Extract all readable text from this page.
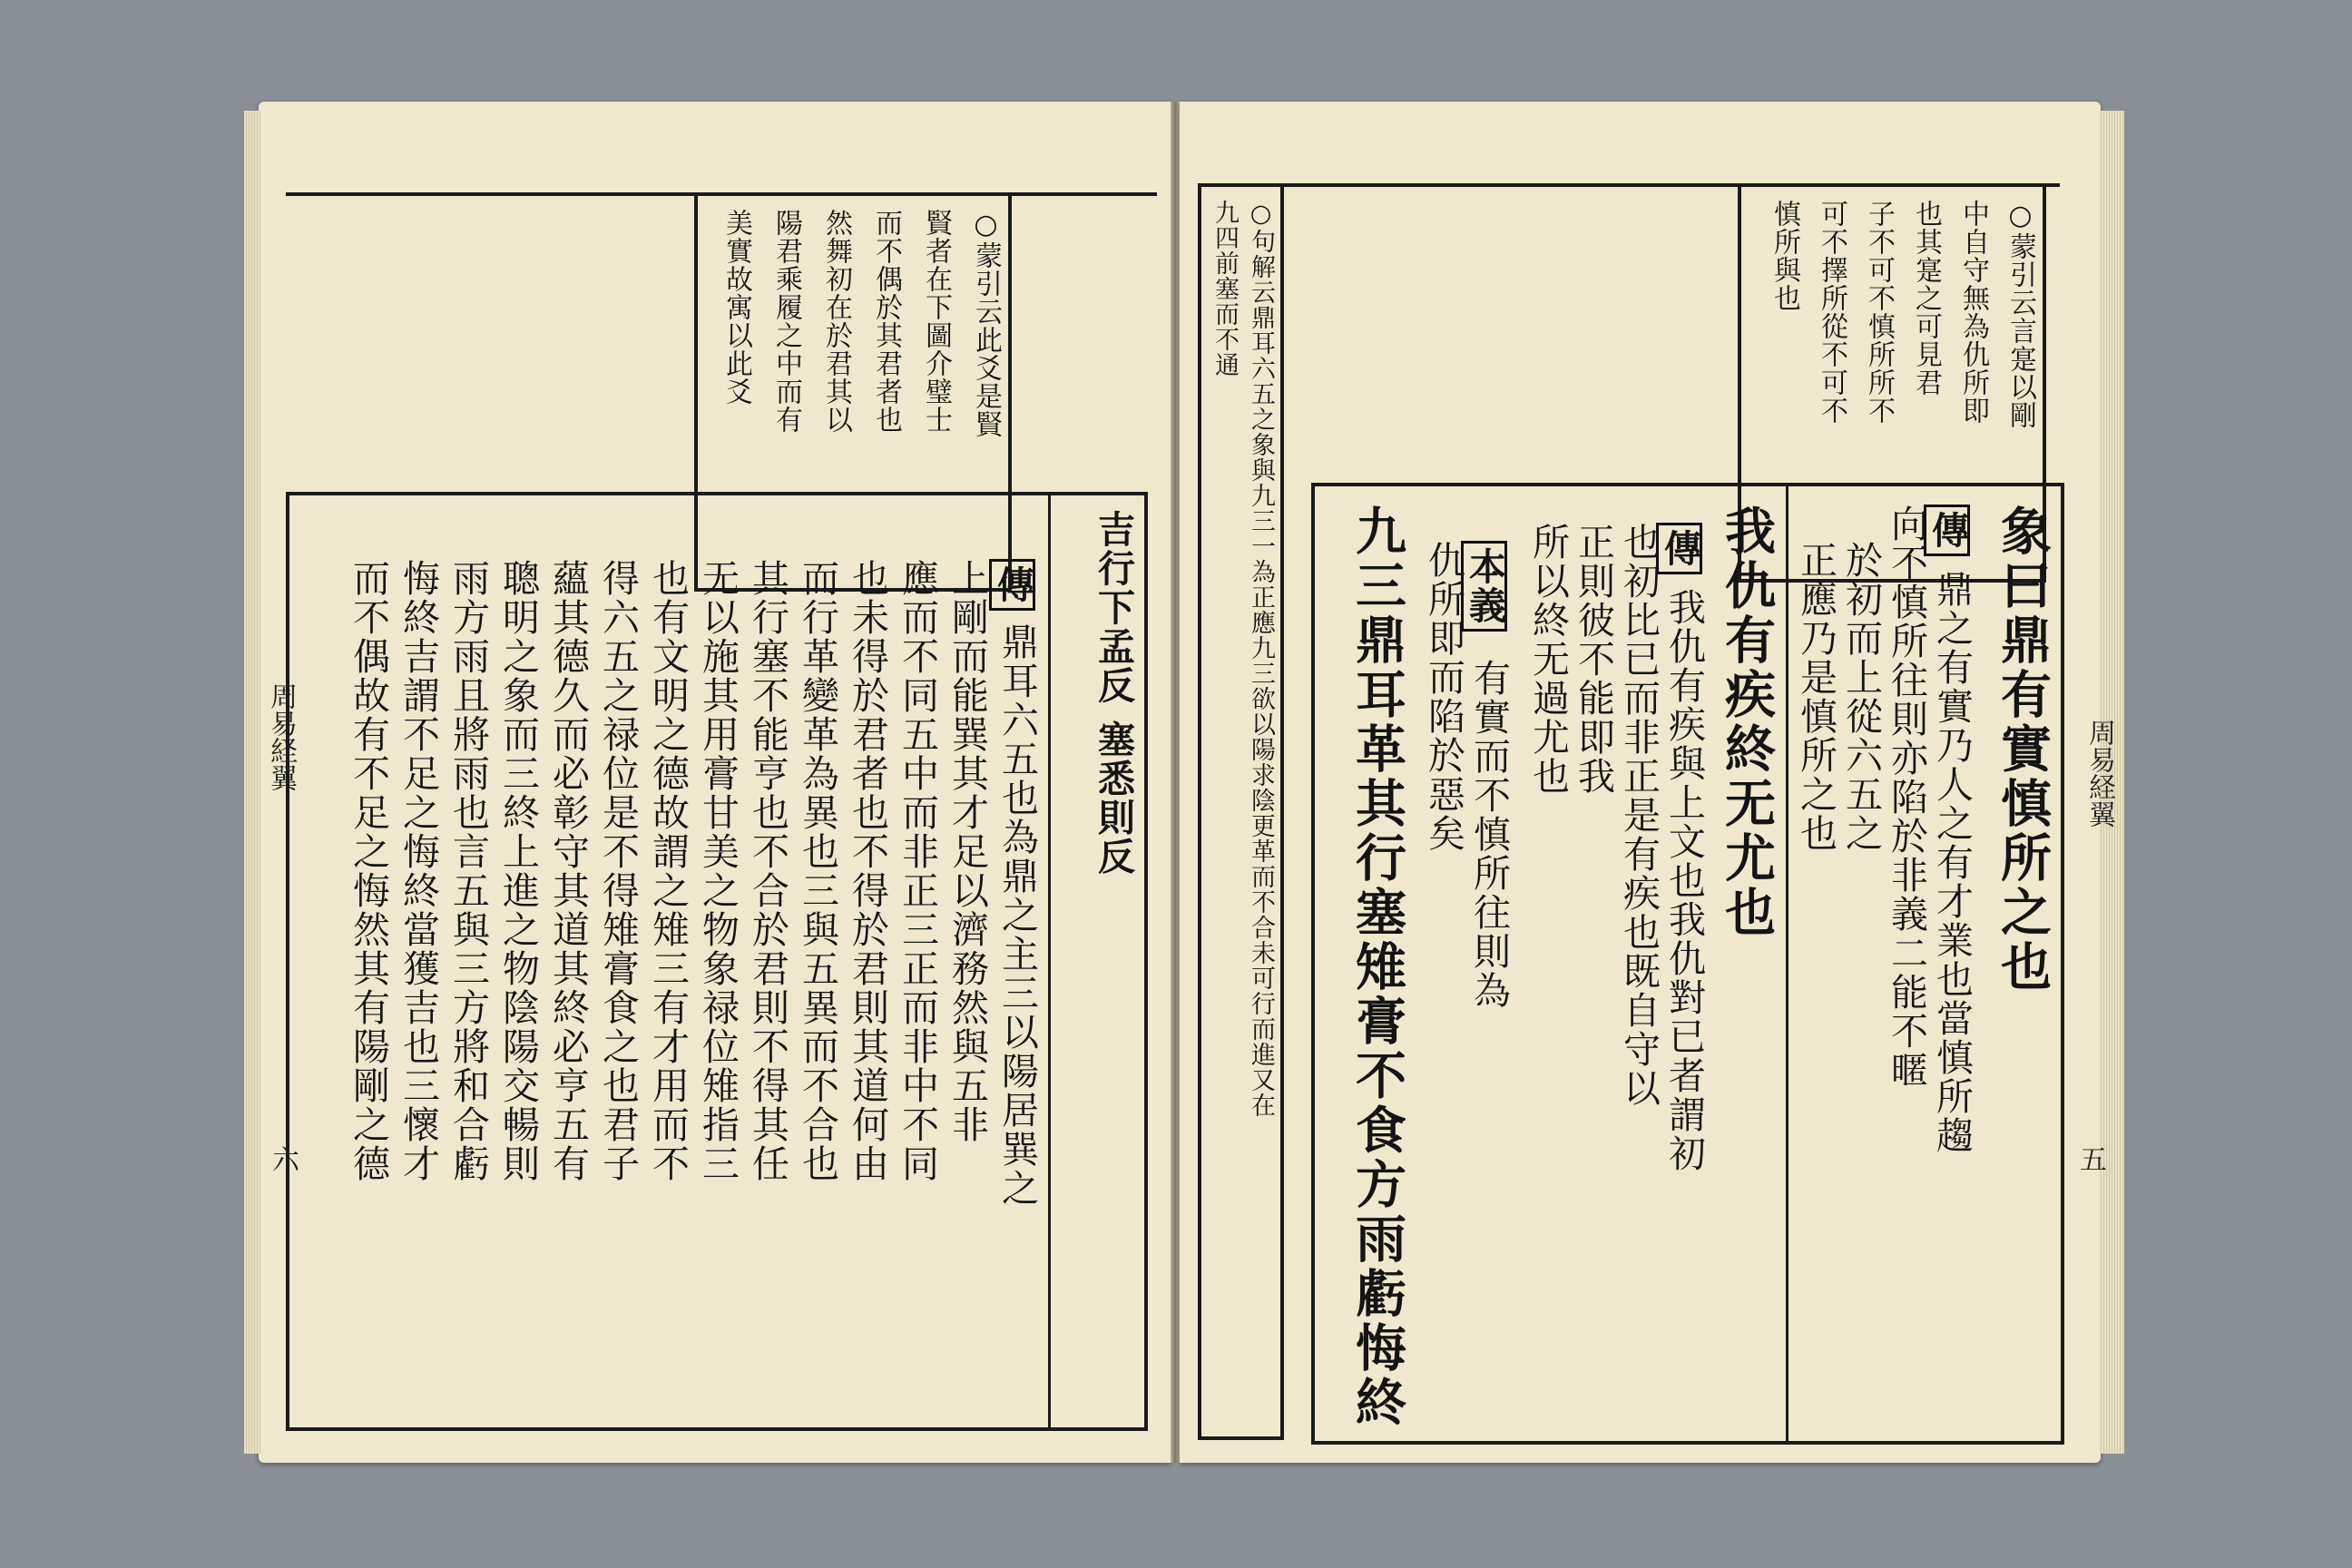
○蒙引云此爻是賢
賢者在下圖介璧士
而不偶於其君者也
然舞初在於君其以
陽君乘履之中而有
美實故寓以此爻
吉行下孟反 塞悉則反
傳
鼎耳六五也為鼎之主三以陽居巽之
上剛而能巽其才足以濟務然與五非
應而不同五中而非正三正而非中不同
也未得於君者也不得於君則其道何由
而行革變革為異也三與五異而不合也
其行塞不能亨也不合於君則不得其任
无以施其用膏甘美之物象禄位雉指三
也有文明之德故謂之雉三有才用而不
得六五之禄位是不得雉膏食之也君子
蘊其德久而必彰守其道其終必亨五有
聰明之象而三終上進之物陰陽交暢則
雨方雨且將雨也言五與三方將和合虧
悔終吉謂不足之悔終當獲吉也三懷才
而不偶故有不足之悔然其有陽剛之德
周易経翼
六
○蒙引云言寔以剛
中自守無為仇所即
也其寔之可見君
子不可不慎所所不
可不擇所從不可不
慎所與也
○句解云鼎耳六五之象與九三一為正應九三欲以陽求陰更革而不合未可行而進又在
九四前塞而不通
象曰鼎有實慎所之也
傳
鼎之有實乃人之有才業也當慎所趨
向不慎所往則亦陷於非義二能不暱
於初而上從六五之
正應乃是慎所之也
我仇有疾終无尤也
傳
我仇有疾與上文也我仇對已者謂初
也初比已而非正是有疾也既自守以
正則彼不能即我
所以終无過尤也
本義
有實而不慎所往則為
仇所即而陷於惡矣
九三鼎耳革其行塞雉膏不食方雨虧悔終	周易経翼
五
